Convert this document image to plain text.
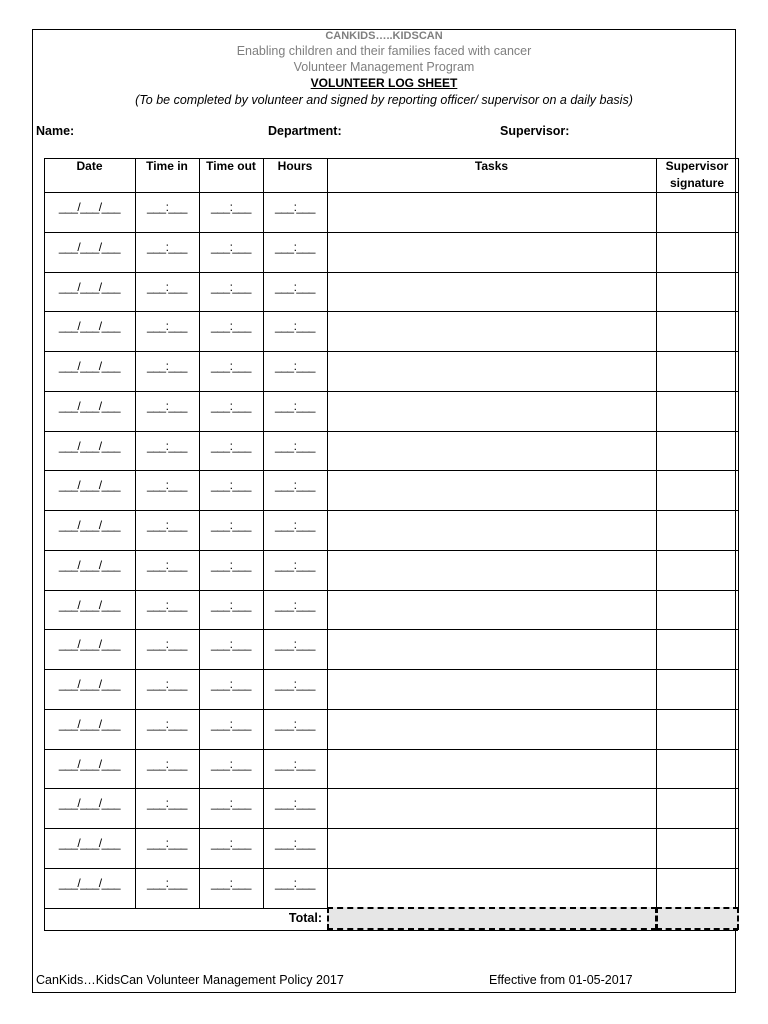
CANKIDS…..KIDSCAN
Enabling children and their families faced with cancer
Volunteer Management Program
VOLUNTEER LOG SHEET
(To be completed by volunteer and signed by reporting officer/ supervisor on a daily basis)
Name:	Department:	Supervisor:
Date	Time in	Time out	Hours	Tasks	Supervisor signature
___/___/___	___:___	___:___	___:___
___/___/___	___:___	___:___	___:___
___/___/___	___:___	___:___	___:___
___/___/___	___:___	___:___	___:___
___/___/___	___:___	___:___	___:___
___/___/___	___:___	___:___	___:___
___/___/___	___:___	___:___	___:___
___/___/___	___:___	___:___	___:___
___/___/___	___:___	___:___	___:___
___/___/___	___:___	___:___	___:___
___/___/___	___:___	___:___	___:___
___/___/___	___:___	___:___	___:___
___/___/___	___:___	___:___	___:___
___/___/___	___:___	___:___	___:___
___/___/___	___:___	___:___	___:___
___/___/___	___:___	___:___	___:___
___/___/___	___:___	___:___	___:___
___/___/___	___:___	___:___	___:___
Total:
CanKids…KidsCan Volunteer Management Policy 2017	Effective from 01-05-2017
